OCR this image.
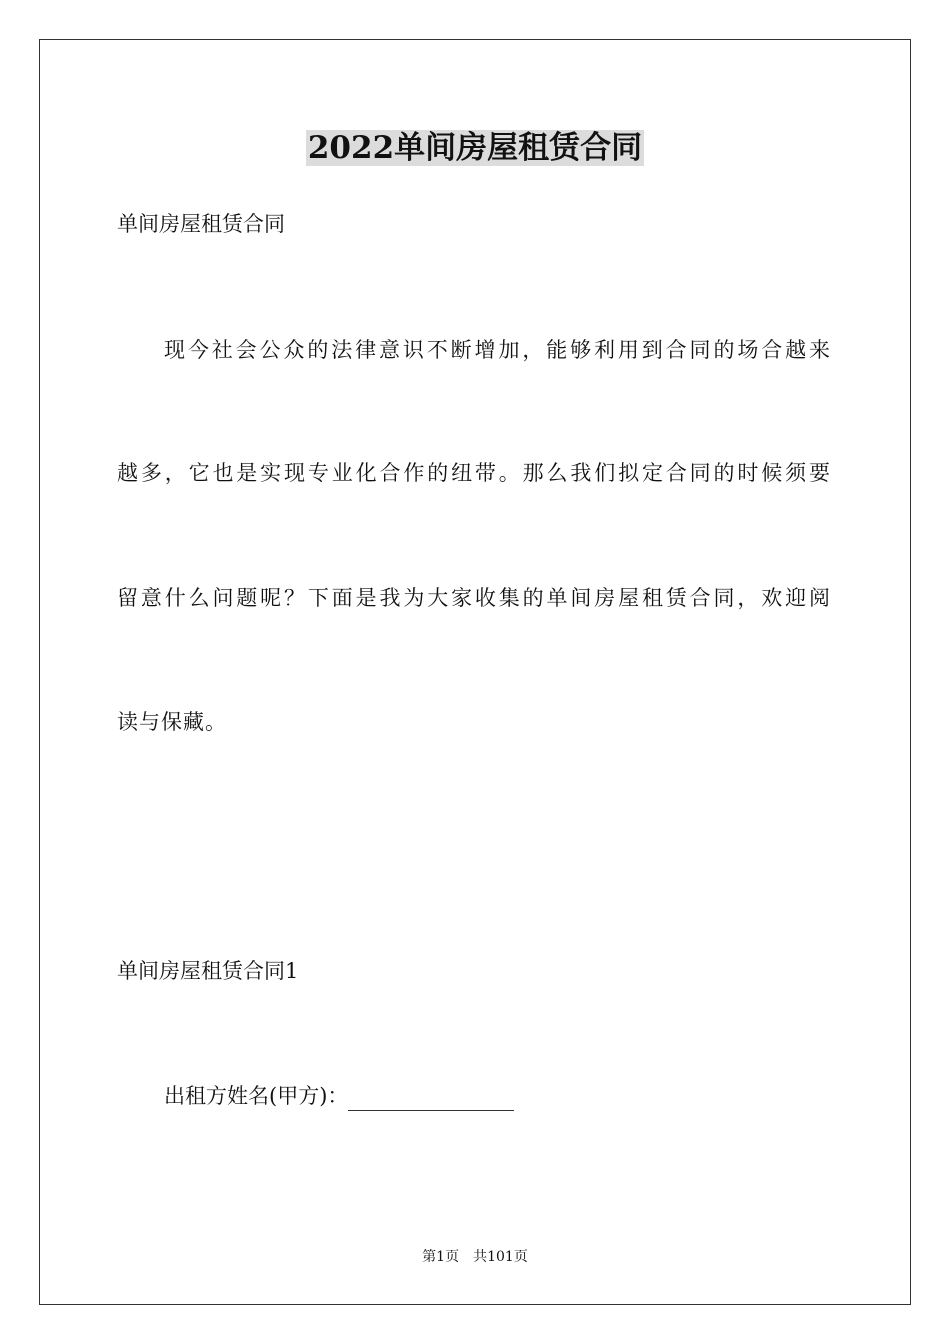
2022单间房屋租赁合同
单间房屋租赁合同
现今社会公众的法律意识不断增加，能够利用到合同的场合越来
越多，它也是实现专业化合作的纽带。那么我们拟定合同的时候须要
留意什么问题呢？下面是我为大家收集的单间房屋租赁合同，欢迎阅
读与保藏。
单间房屋租赁合同1
出租方姓名(甲方)：
第1页 共101页
